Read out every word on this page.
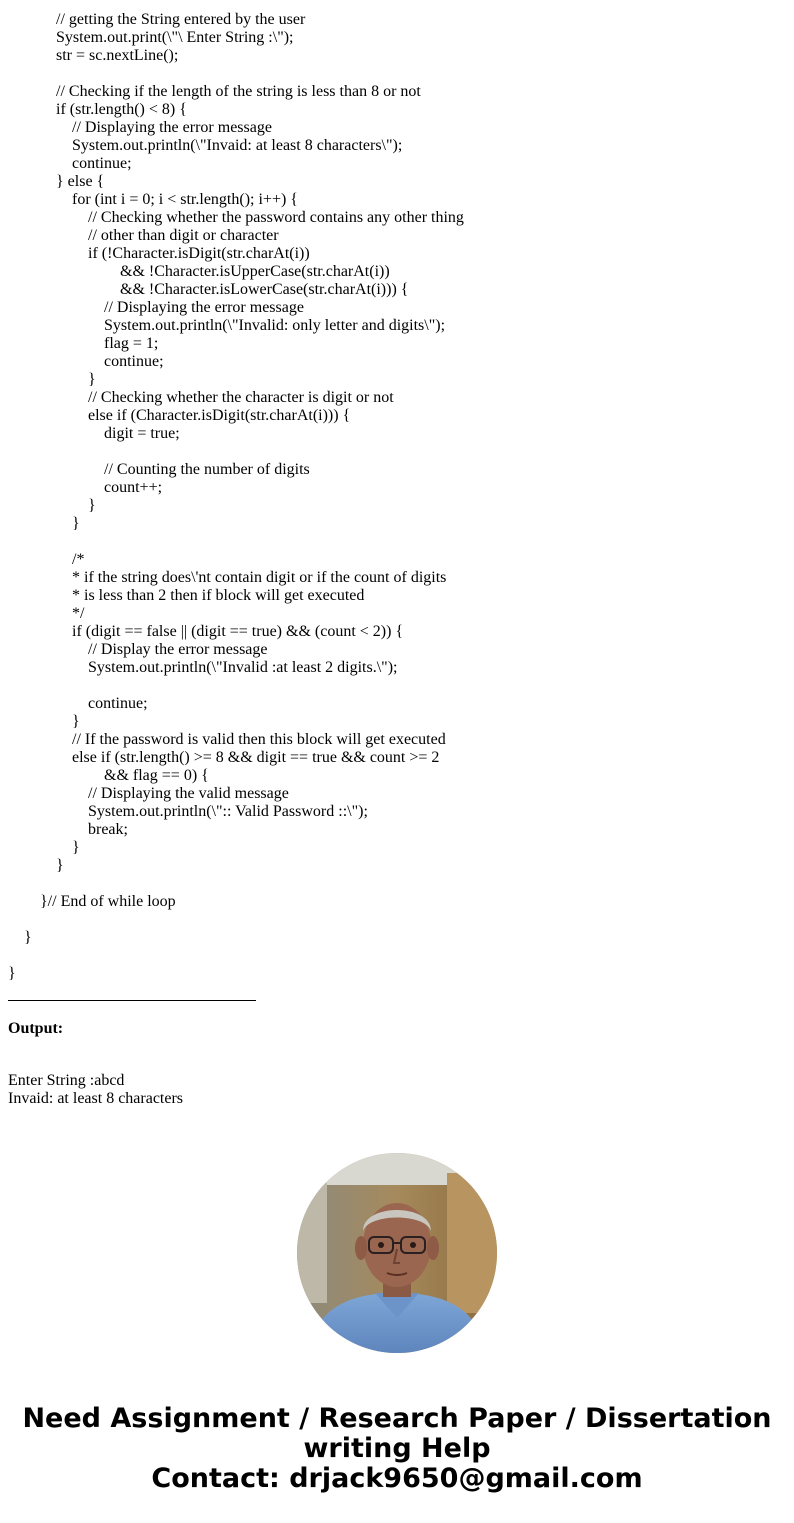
// getting the String entered by the user
System.out.print(\"\ Enter String :\");
str = sc.nextLine();
// Checking if the length of the string is less than 8 or not
if (str.length() < 8) {
// Displaying the error message
System.out.println(\"Invaid: at least 8 characters\");
continue;
} else {
for (int i = 0; i < str.length(); i++) {
// Checking whether the password contains any other thing
// other than digit or character
if (!Character.isDigit(str.charAt(i))
&& !Character.isUpperCase(str.charAt(i))
&& !Character.isLowerCase(str.charAt(i))) {
// Displaying the error message
System.out.println(\"Invalid: only letter and digits\");
flag = 1;
continue;
}
// Checking whether the character is digit or not
else if (Character.isDigit(str.charAt(i))) {
digit = true;
// Counting the number of digits
count++;
}
}
/*
* if the string does\'nt contain digit or if the count of digits
* is less than 2 then if block will get executed
*/
if (digit == false || (digit == true) && (count < 2)) {
// Display the error message
System.out.println(\"Invalid :at least 2 digits.\");
continue;
}
// If the password is valid then this block will get executed
else if (str.length() >= 8 && digit == true && count >= 2
&& flag == 0) {
// Displaying the valid message
System.out.println(\":: Valid Password ::\");
break;
}
}
}// End of while loop
}
}
Output:
Enter String :abcd
Invaid: at least 8 characters
Need Assignment / Research Paper / Dissertation
writing Help
Contact: drjack9650@gmail.com
